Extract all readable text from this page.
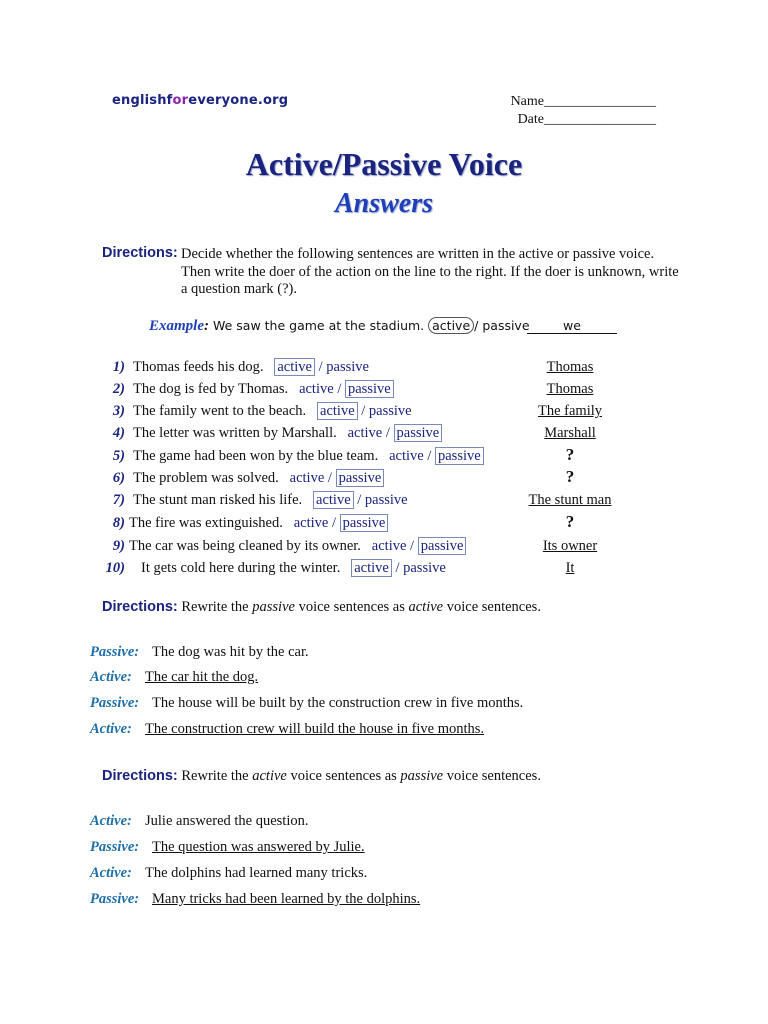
englishforeveryone.org	Name________________
Date________________
Active/Passive Voice
Answers
Directions: Decide whether the following sentences are written in the active or passive voice. Then write the doer of the action on the line to the right. If the doer is unknown, write a question mark (?).
Example: We saw the game at the stadium. active / passive	we
1) Thomas feeds his dog. active / passive	Thomas
2) The dog is fed by Thomas. active / passive	Thomas
3) The family went to the beach. active / passive	The family
4) The letter was written by Marshall. active / passive	Marshall
5) The game had been won by the blue team. active / passive	?
6) The problem was solved. active / passive	?
7) The stunt man risked his life. active / passive	The stunt man
8) The fire was extinguished. active / passive	?
9) The car was being cleaned by its owner. active / passive	Its owner
10) It gets cold here during the winter. active / passive	It
Directions: Rewrite the passive voice sentences as active voice sentences.
Passive: The dog was hit by the car.
Active: The car hit the dog.
Passive: The house will be built by the construction crew in five months.
Active: The construction crew will build the house in five months.
Directions: Rewrite the active voice sentences as passive voice sentences.
Active: Julie answered the question.
Passive: The question was answered by Julie.
Active: The dolphins had learned many tricks.
Passive: Many tricks had been learned by the dolphins.
